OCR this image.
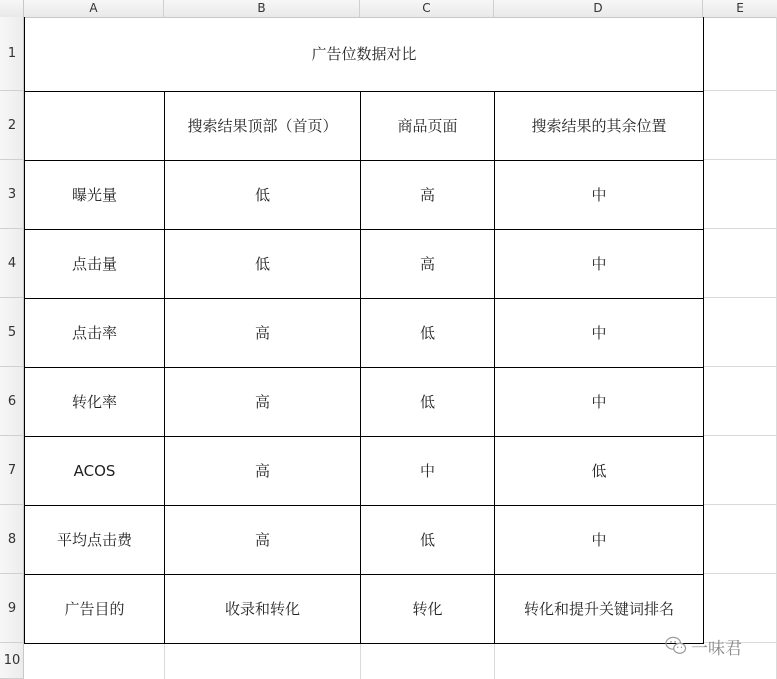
A	B	C	D	E
1
2
3
4
5
6
7
8
9
10
广告位数据对比			
	搜索结果顶部（首页）	商品页面	搜索结果的其余位置
曝光量	低	高	中
点击量	低	高	中
点击率	高	低	中
转化率	高	低	中
ACOS	高	中	低
平均点击费	高	低	中
广告目的	收录和转化	转化	转化和提升关键词排名
一味君
